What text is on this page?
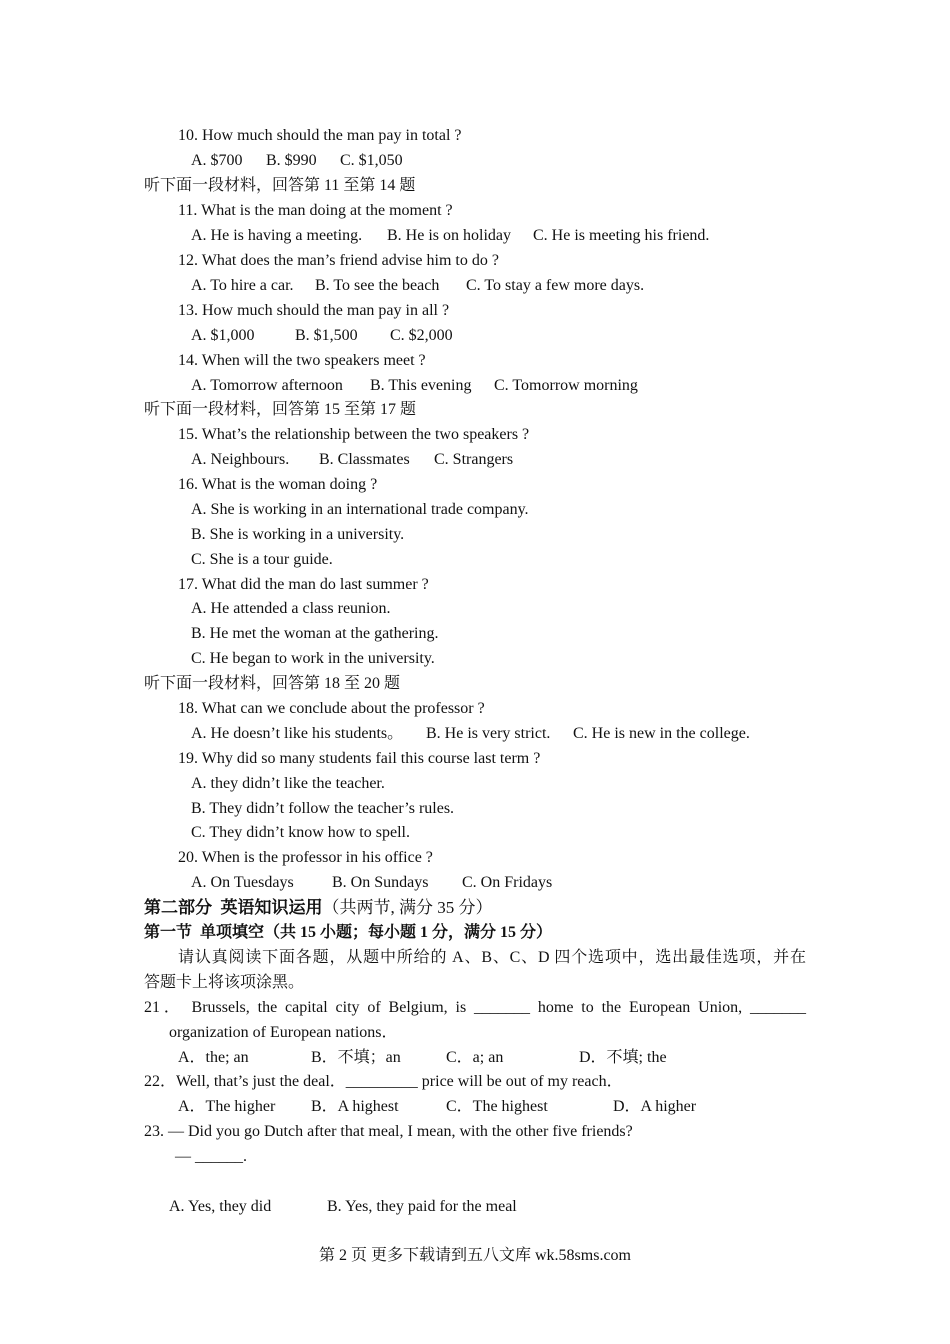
10. How much should the man pay in total ?
A. $700 B. $990 C. $1,050
听下面一段材料，回答第 11 至第 14 题
11. What is the man doing at the moment ?
A. He is having a meeting. B. He is on holiday C. He is meeting his friend.
12. What does the man’s friend advise him to do ?
A. To hire a car. B. To see the beach C. To stay a few more days.
13. How much should the man pay in all ?
A. $1,000	B. $1,500 C. $2,000
14. When will the two speakers meet ?
A. Tomorrow afternoon B. This evening C. Tomorrow morning
听下面一段材料，回答第 15 至第 17 题
15. What’s the relationship between the two speakers ?
A. Neighbours. B. Classmates C. Strangers
16. What is the woman doing ?
A. She is working in an international trade company.
B. She is working in a university.
C. She is a tour guide.
17. What did the man do last summer ?
A. He attended a class reunion.
B. He met the woman at the gathering.
C. He began to work in the university.
听下面一段材料，回答第 18 至 20 题
18. What can we conclude about the professor ?
A. He doesn’t like his students。 B. He is very strict. C. He is new in the college.
19. Why did so many students fail this course last term ?
A. they didn’t like the teacher.
B. They didn’t follow the teacher’s rules.
C. They didn’t know how to spell.
20. When is the professor in his office ?
A. On Tuesdays B. On Sundays C. On Fridays
第二部分  英语知识运用（共两节, 满分 35 分）
第一节  单项填空（共 15 小题；每小题 1 分，满分 15 分）
请认真阅读下面各题，从题中所给的 A、B、C、D 四个选项中，选出最佳选项，并在
答题卡上将该项涂黑。
21． Brussels, the capital city of Belgium, is _______ home to the European Union, _______
organization of European nations．
A．the; an	B．不填；an	C．a; an	D．不填; the
22．Well, that’s just the deal．_________ price will be out of my reach．
A．The higher B．A highest	C．The highest	D．A higher
23. — Did you go Dutch after that meal, I mean, with the other five friends?
— ______.
A. Yes, they did	B. Yes, they paid for the meal
第 2 页 更多下载请到五八文库 wk.58sms.com
